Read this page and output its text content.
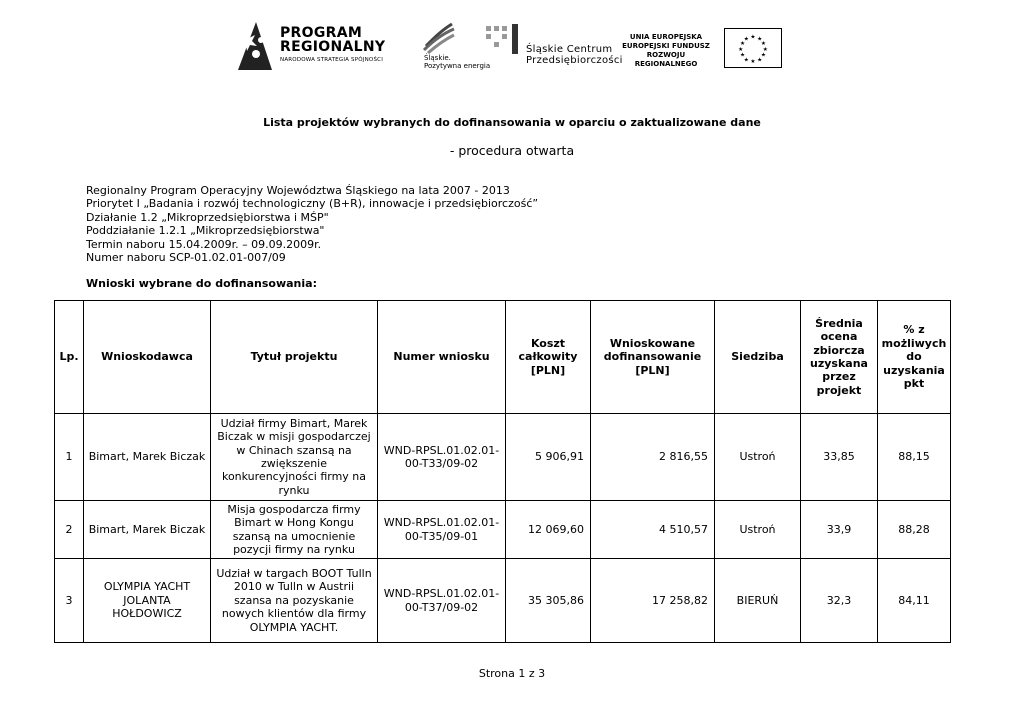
PROGRAM
REGIONALNY
NARODOWA STRATEGIA SPÓJNOŚCI	Śląskie.
Pozytywna energia
Śląskie Centrum
Przedsiębiorczości
UNIA EUROPEJSKA
EUROPEJSKI FUNDUSZ
ROZWOJU REGIONALNEGO
★ ★
★
★
★
★
★
★
★
★
★
★
Lista projektów wybranych do dofinansowania w oparciu o zaktualizowane dane
- procedura otwarta
Regionalny Program Operacyjny Województwa Śląskiego na lata 2007 - 2013
Priorytet I „Badania i rozwój technologiczny (B+R), innowacje i przedsiębiorczość”
Działanie 1.2 „Mikroprzedsiębiorstwa i MŚP"
Poddziałanie 1.2.1 „Mikroprzedsiębiorstwa"
Termin naboru 15.04.2009r. – 09.09.2009r.
Numer naboru SCP-01.02.01-007/09
Wnioski wybrane do dofinansowania:
Lp.	Wnioskodawca	Tytuł projektu	Numer wniosku	Koszt całkowity [PLN]	Wnioskowane dofinansowanie [PLN]	Siedziba	Średnia ocena zbiorcza uzyskana przez projekt	% z możliwych do uzyskania pkt
1	Bimart, Marek Biczak	Udział firmy Bimart, Marek Biczak w misji gospodarczej w Chinach szansą na zwiększenie konkurencyjności firmy na rynku	WND-RPSL.01.02.01-00-T33/09-02	5 906,91	2 816,55	Ustroń	33,85	88,15
2	Bimart, Marek Biczak	Misja gospodarcza firmy Bimart w Hong Kongu szansą na umocnienie pozycji firmy na rynku	WND-RPSL.01.02.01-00-T35/09-01	12 069,60	4 510,57	Ustroń	33,9	88,28
3	OLYMPIA YACHT JOLANTA HOŁDOWICZ	Udział w targach BOOT Tulln 2010 w Tulln w Austrii szansa na pozyskanie nowych klientów dla firmy OLYMPIA YACHT.	WND-RPSL.01.02.01-00-T37/09-02	35 305,86	17 258,82	BIERUŃ	32,3	84,11
Strona 1 z 3
